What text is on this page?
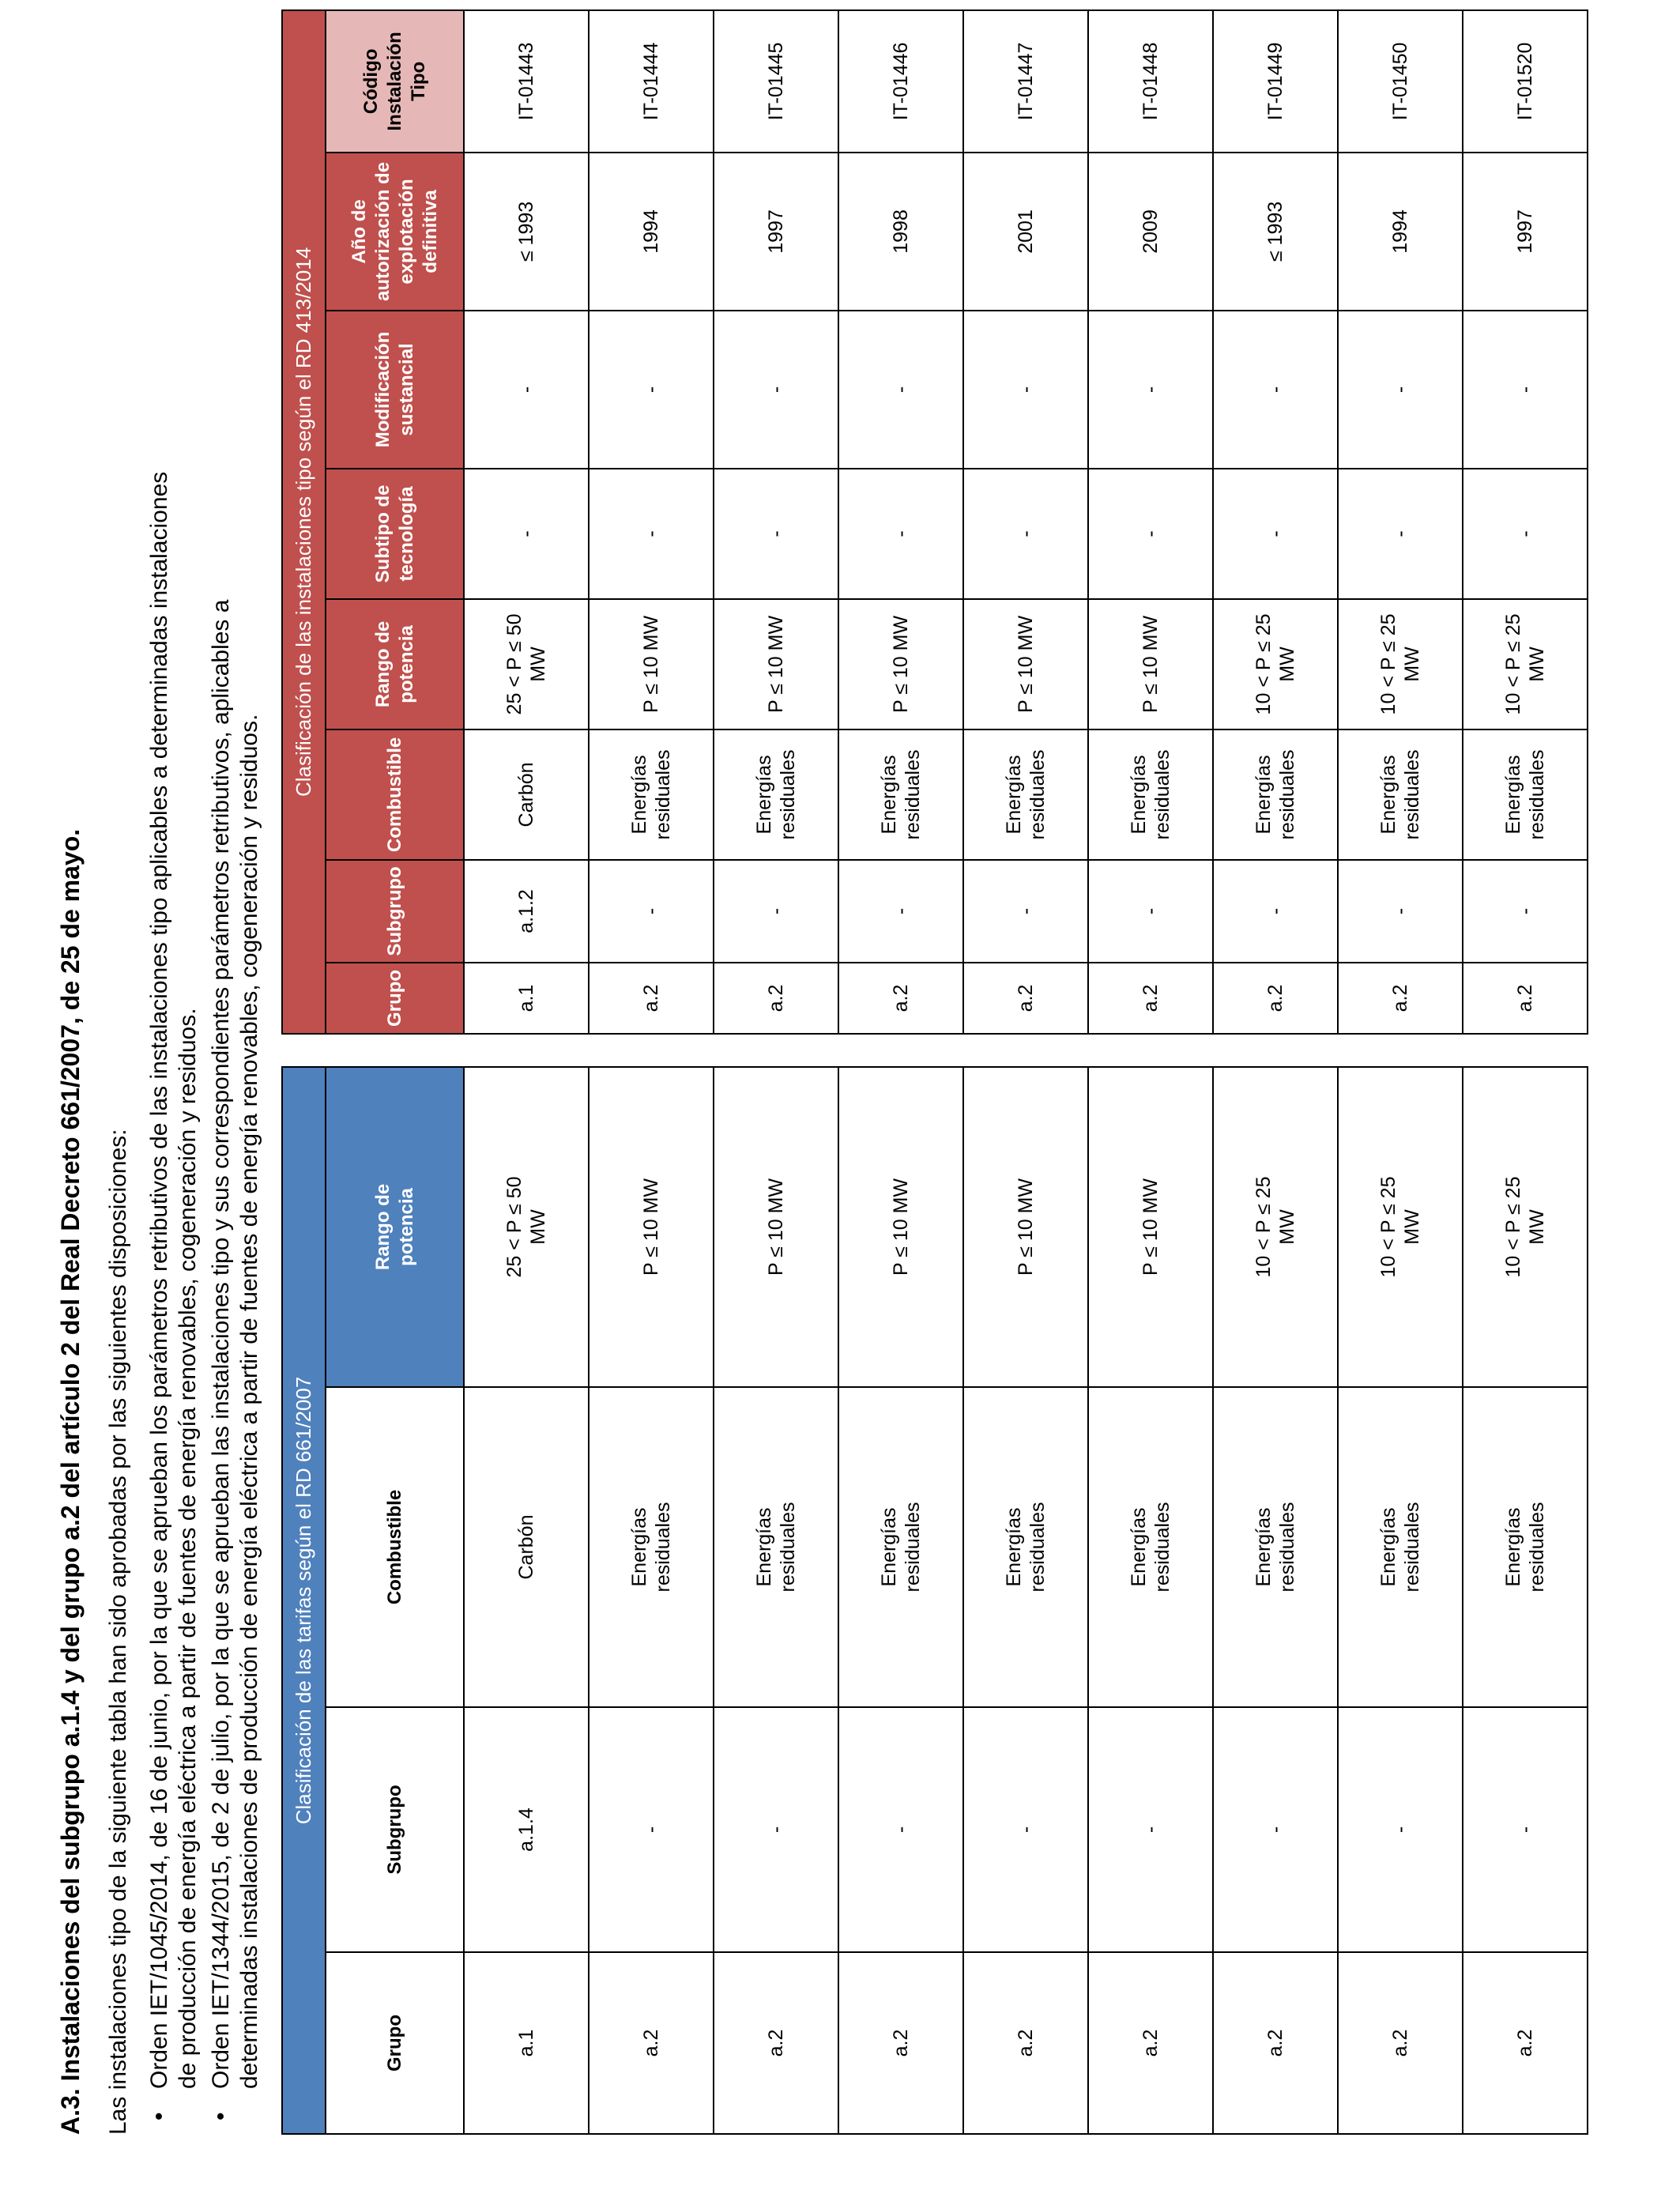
A.3. Instalaciones del subgrupo a.1.4 y del grupo a.2 del artículo 2 del Real Decreto 661/2007, de 25 de mayo. Las instalaciones tipo de la siguiente tabla han sido aprobadas por las siguientes disposiciones: •
Orden IET/1045/2014, de 16 de junio, por la que se aprueban los parámetros retributivos de las instalaciones tipo aplicables a determinadas instalaciones de producción de energía eléctrica a partir de fuentes de energía renovables, cogeneración y residuos.
•
Orden IET/1344/2015, de 2 de julio, por la que se aprueban las instalaciones tipo y sus correspondientes parámetros retributivos, aplicables a determinadas instalaciones de producción de energía eléctrica a partir de fuentes de energía renovables, cogeneración y residuos. Clasificación de las tarifas según el RD 661/2007			
Grupo	Subgrupo	Combustible	Rango de potencia
a.1	a.1.4	Carbón	25 < P ≤ 50 MW
a.2	-	Energías residuales	P ≤ 10 MW
a.2	-	Energías residuales	P ≤ 10 MW
a.2	-	Energías residuales	P ≤ 10 MW
a.2	-	Energías residuales	P ≤ 10 MW
a.2	-	Energías residuales	P ≤ 10 MW
a.2	-	Energías residuales	10 < P ≤ 25 MW
a.2	-	Energías residuales	10 < P ≤ 25 MW
a.2	-	Energías residuales	10 < P ≤ 25 MW
Clasificación de las instalaciones tipo según el RD 413/2014							
Grupo	Subgrupo	Combustible	Rango de potencia	Subtipo de tecnología	Modificación sustancial	Año de autorización de explotación definitiva	Código Instalación Tipo
a.1	a.1.2	Carbón	25 < P ≤ 50 MW	-	-	≤ 1993	IT-01443
a.2	-	Energías residuales	P ≤ 10 MW	-	-	1994	IT-01444
a.2	-	Energías residuales	P ≤ 10 MW	-	-	1997	IT-01445
a.2	-	Energías residuales	P ≤ 10 MW	-	-	1998	IT-01446
a.2	-	Energías residuales	P ≤ 10 MW	-	-	2001	IT-01447
a.2	-	Energías residuales	P ≤ 10 MW	-	-	2009	IT-01448
a.2	-	Energías residuales	10 < P ≤ 25 MW	-	-	≤ 1993	IT-01449
a.2	-	Energías residuales	10 < P ≤ 25 MW	-	-	1994	IT-01450
a.2	-	Energías residuales	10 < P ≤ 25 MW	-	-	1997	IT-01520
